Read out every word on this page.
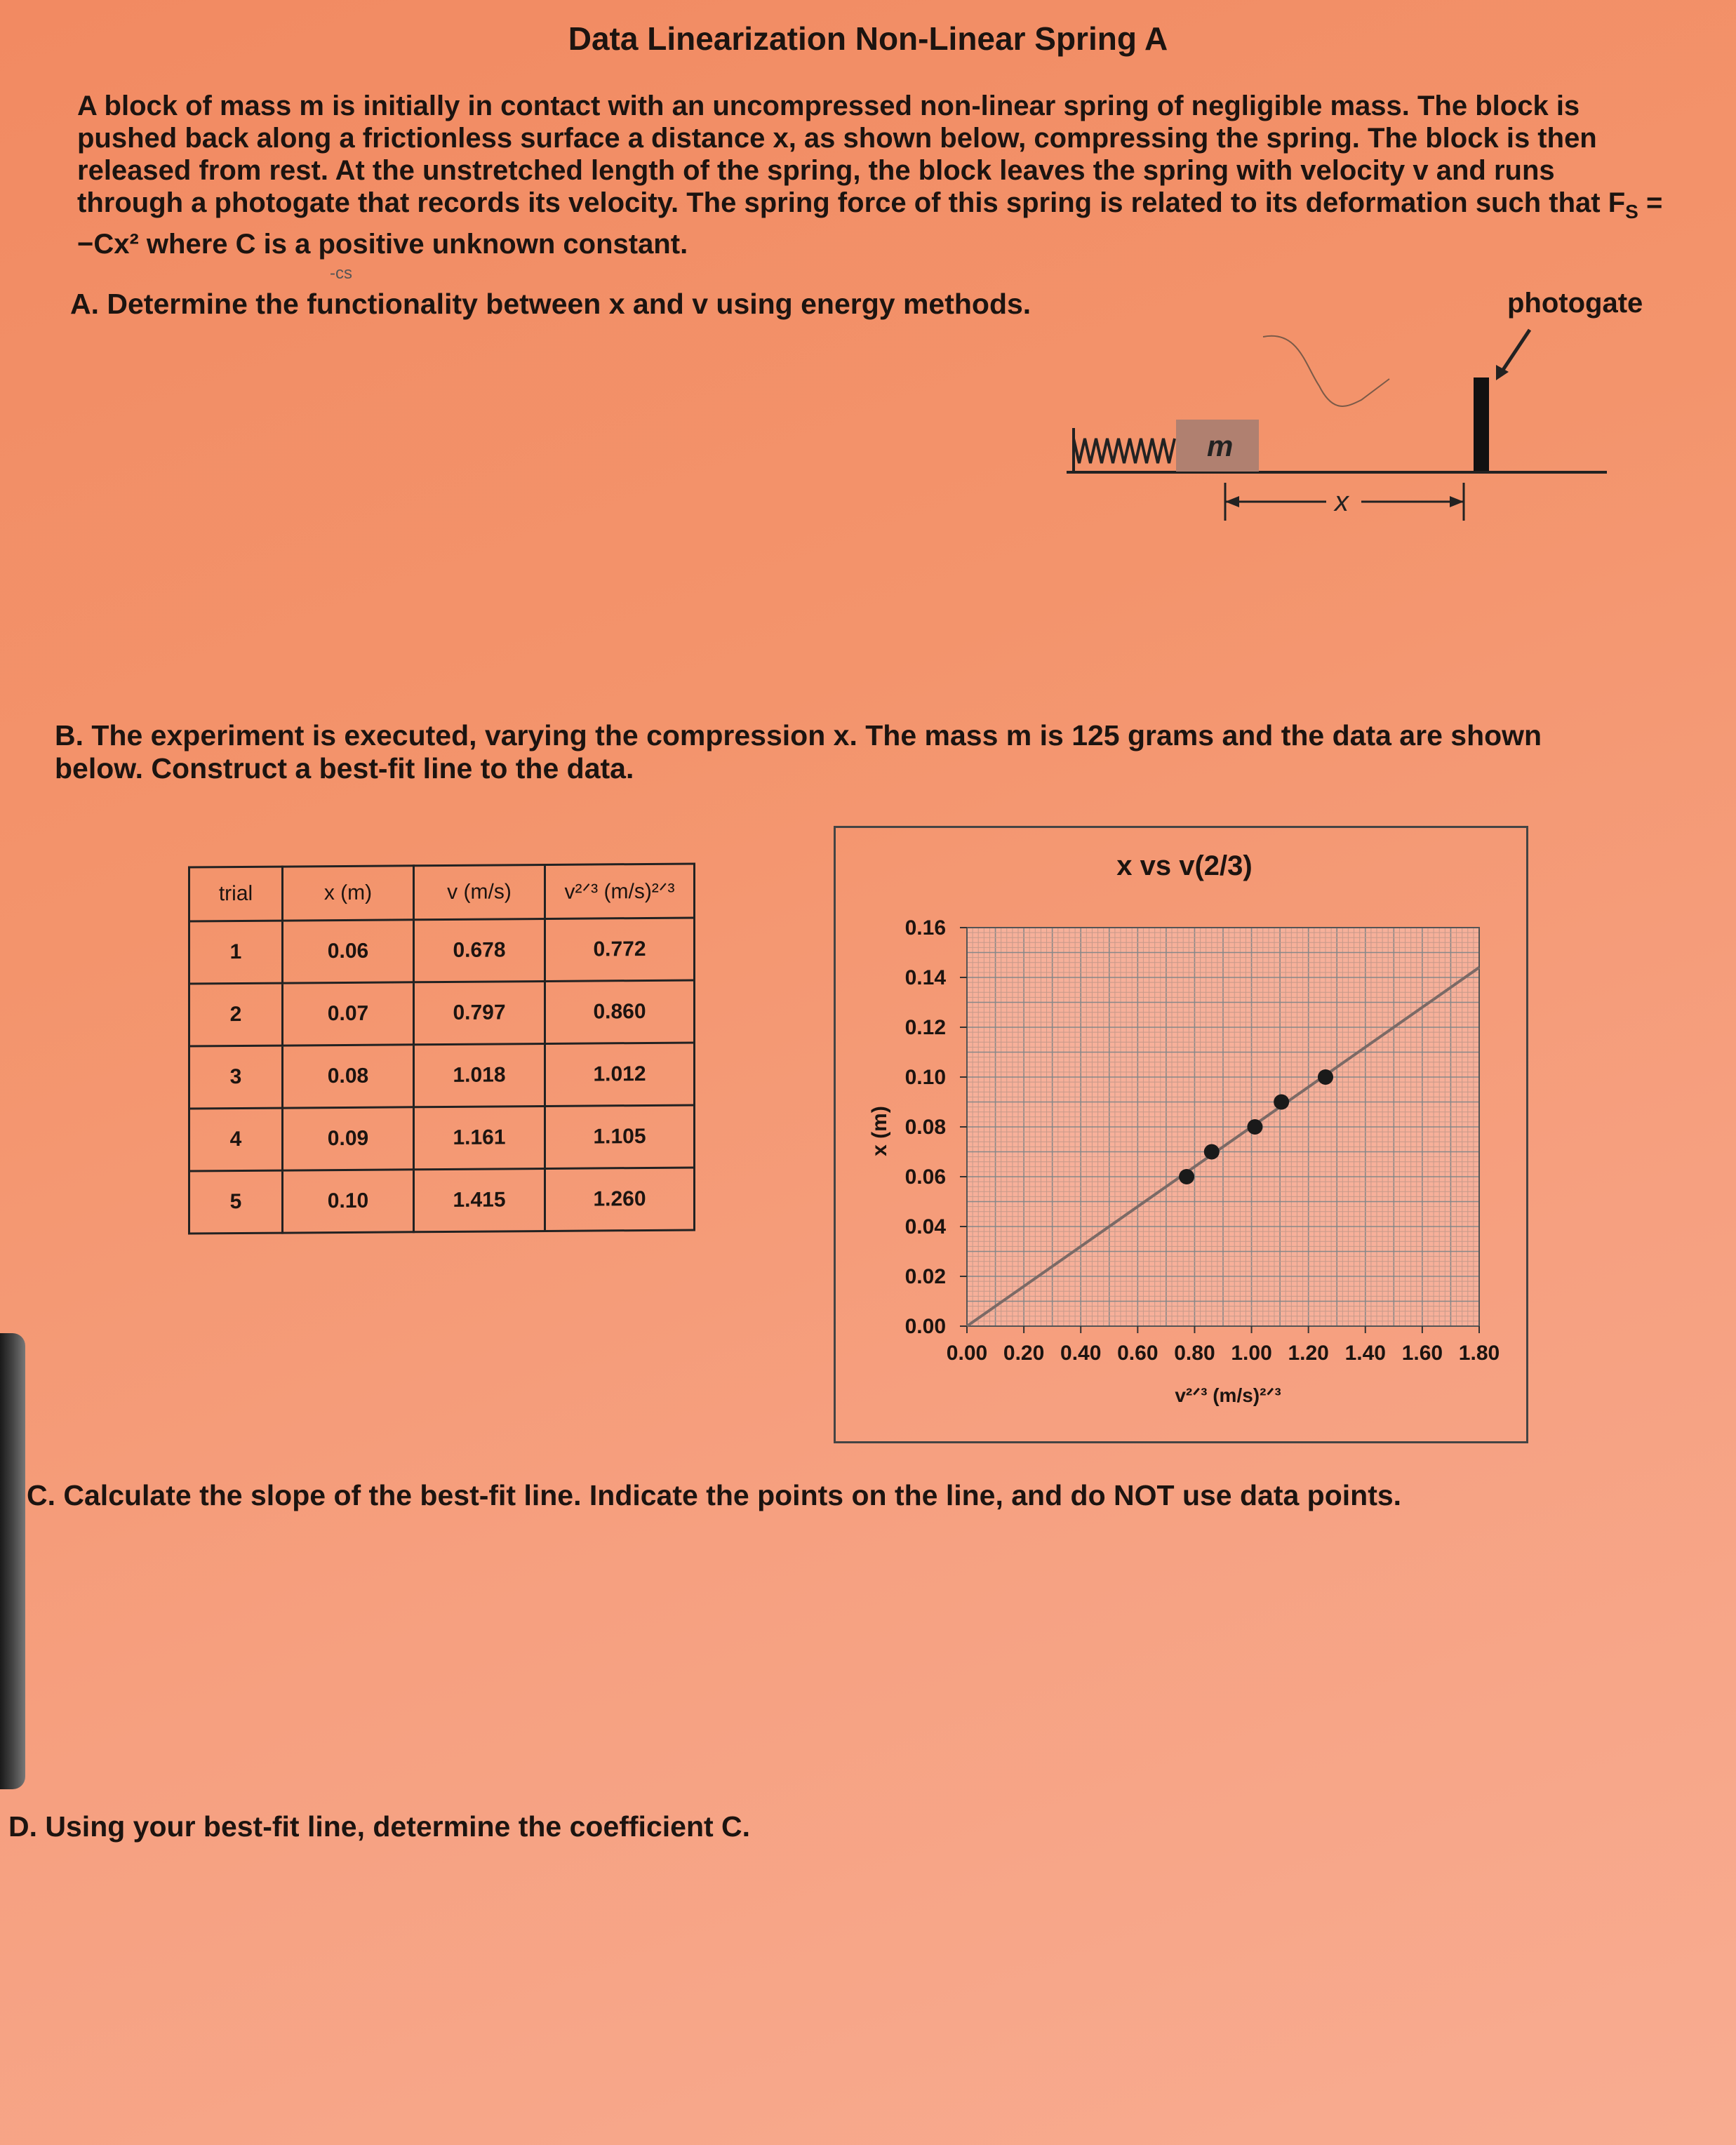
Data Linearization Non-Linear Spring A
A block of mass m is initially in contact with an uncompressed non-linear spring of negligible mass. The block is pushed back along a frictionless surface a distance x, as shown below, compressing the spring. The block is then released from rest. At the unstretched length of the spring, the block leaves the spring with velocity v and runs through a photogate that records its velocity. The spring force of this spring is related to its deformation such that $F_S = -Cx^2$ where C is a positive unknown constant.
-cs
A. Determine the functionality between x and v using energy methods.	photogate
m
x
B. The experiment is executed, varying the compression x. The mass m is 125 grams and the data are shown below. Construct a best-fit line to the data.
trial	x (m)	v (m/s)	v²ᐟ³ (m/s)²ᐟ³
1	0.06	0.678	0.772
2	0.07	0.797	0.860
3	0.08	1.018	1.012
4	0.09	1.161	1.105
5	0.10	1.415	1.260
x vs v(2/3)
x (m)
v²ᐟ³ (m/s)²ᐟ³
0.00 0.20 0.40 0.60 0.80 1.00 1.20 1.40 1.60 1.80
0.00
0.02
0.04
0.06
0.08
0.10
0.12
0.14
0.16
C. Calculate the slope of the best-fit line. Indicate the points on the line, and do NOT use data points.
D. Using your best-fit line, determine the coefficient C.
